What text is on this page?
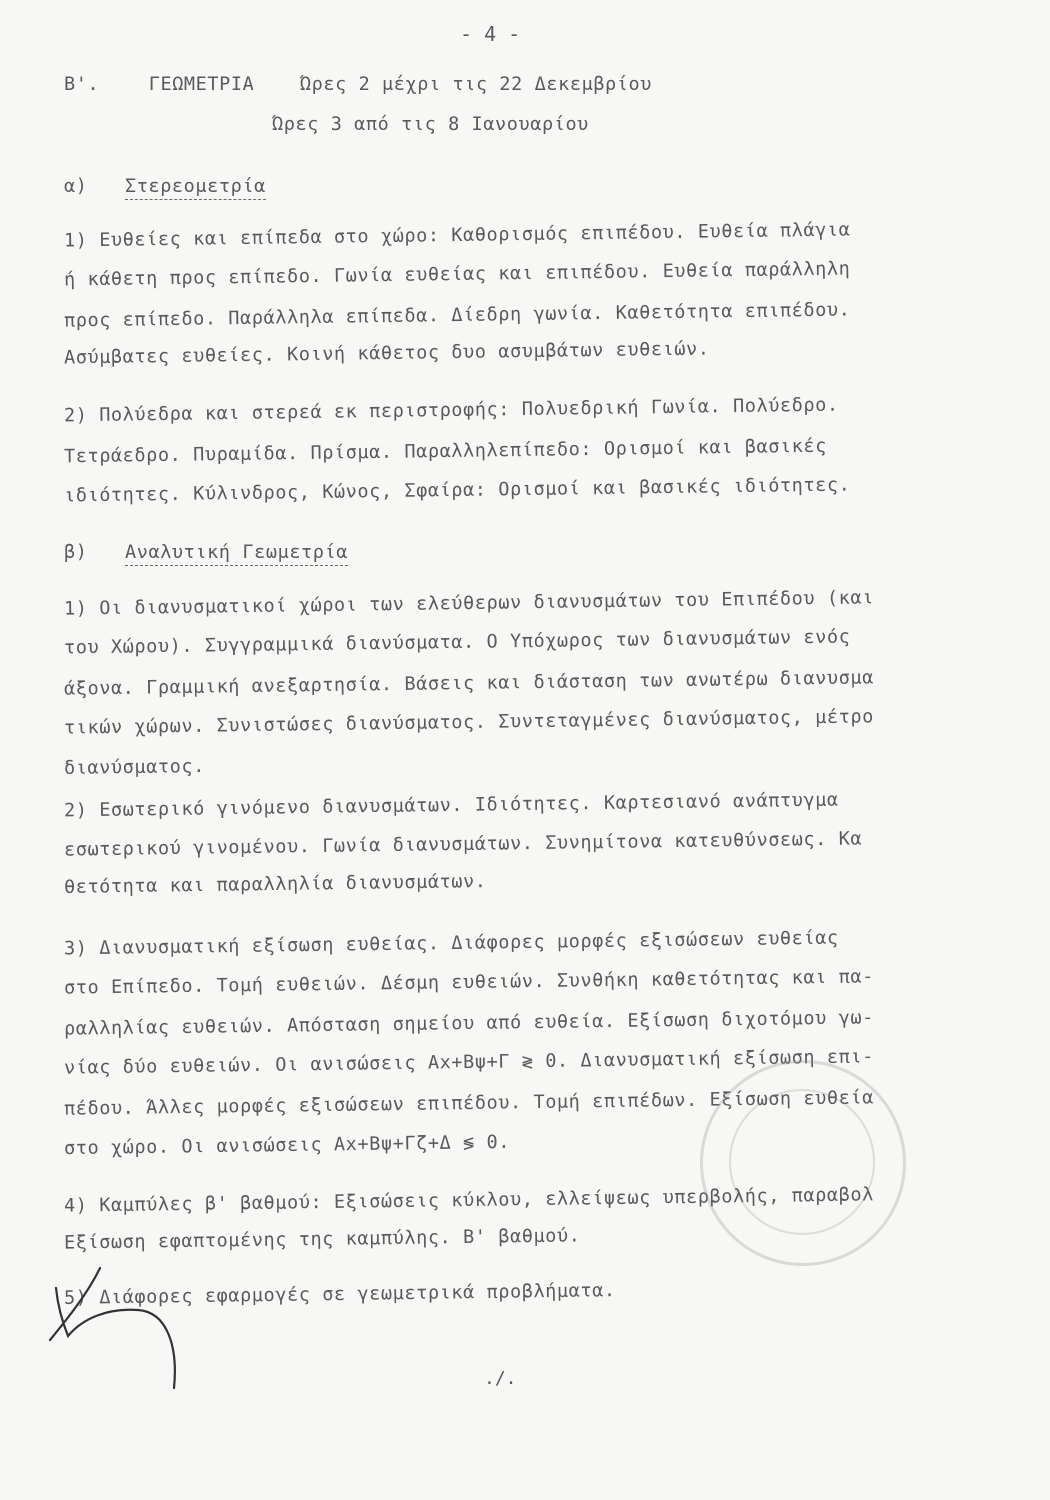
- 4 -
Β'.	ΓΕΩΜΕΤΡΙΑ Ώρες 2 μέχρι τις 22 Δεκεμβρίου
Ώρες 3 από τις 8 Ιανουαρίου
α) Στερεομετρία
1) Ευθείες και επίπεδα στο χώρο: Καθορισμός επιπέδου. Ευθεία πλάγια
ή κάθετη προς επίπεδο. Γωνία ευθείας και επιπέδου. Ευθεία παράλληλη
προς επίπεδο. Παράλληλα επίπεδα. Δίεδρη γωνία. Καθετότητα επιπέδου.
Ασύμβατες ευθείες. Κοινή κάθετος δυο ασυμβάτων ευθειών.
2) Πολύεδρα και στερεά εκ περιστροφής: Πολυεδρική Γωνία. Πολύεδρο.
Τετράεδρο. Πυραμίδα. Πρίσμα. Παραλληλεπίπεδο: Ορισμοί και βασικές
ιδιότητες. Κύλινδρος, Κώνος, Σφαίρα: Ορισμοί και βασικές ιδιότητες.
β) Αναλυτική Γεωμετρία
1) Οι διανυσματικοί χώροι των ελεύθερων διανυσμάτων του Επιπέδου (και
του Χώρου). Συγγραμμικά διανύσματα. Ο Υπόχωρος των διανυσμάτων ενός
άξονα. Γραμμική ανεξαρτησία. Βάσεις και διάσταση των ανωτέρω διανυσμα
τικών χώρων. Συνιστώσες διανύσματος. Συντεταγμένες διανύσματος, μέτρο
διανύσματος.
2) Εσωτερικό γινόμενο διανυσμάτων. Ιδιότητες. Καρτεσιανό ανάπτυγμα
εσωτερικού γινομένου. Γωνία διανυσμάτων. Συνημίτονα κατευθύνσεως. Κα
θετότητα και παραλληλία διανυσμάτων.
3) Διανυσματική εξίσωση ευθείας. Διάφορες μορφές εξισώσεων ευθείας
στο Επίπεδο. Τομή ευθειών. Δέσμη ευθειών. Συνθήκη καθετότητας και πα-
ραλληλίας ευθειών. Απόσταση σημείου από ευθεία. Εξίσωση διχοτόμου γω-
νίας δύο ευθειών. Οι ανισώσεις Αx+Βψ+Γ ≷ 0. Διανυσματική εξίσωση επι-
πέδου. Άλλες μορφές εξισώσεων επιπέδου. Τομή επιπέδων. Εξίσωση ευθεία
στο χώρο. Οι ανισώσεις Αx+Βψ+Γζ+Δ ≶ 0.
4) Καμπύλες β' βαθμού: Εξισώσεις κύκλου, ελλείψεως υπερβολής, παραβολ
Εξίσωση εφαπτομένης της καμπύλης. Β' βαθμού.
5) Διάφορες εφαρμογές σε γεωμετρικά προβλήματα.
./.
